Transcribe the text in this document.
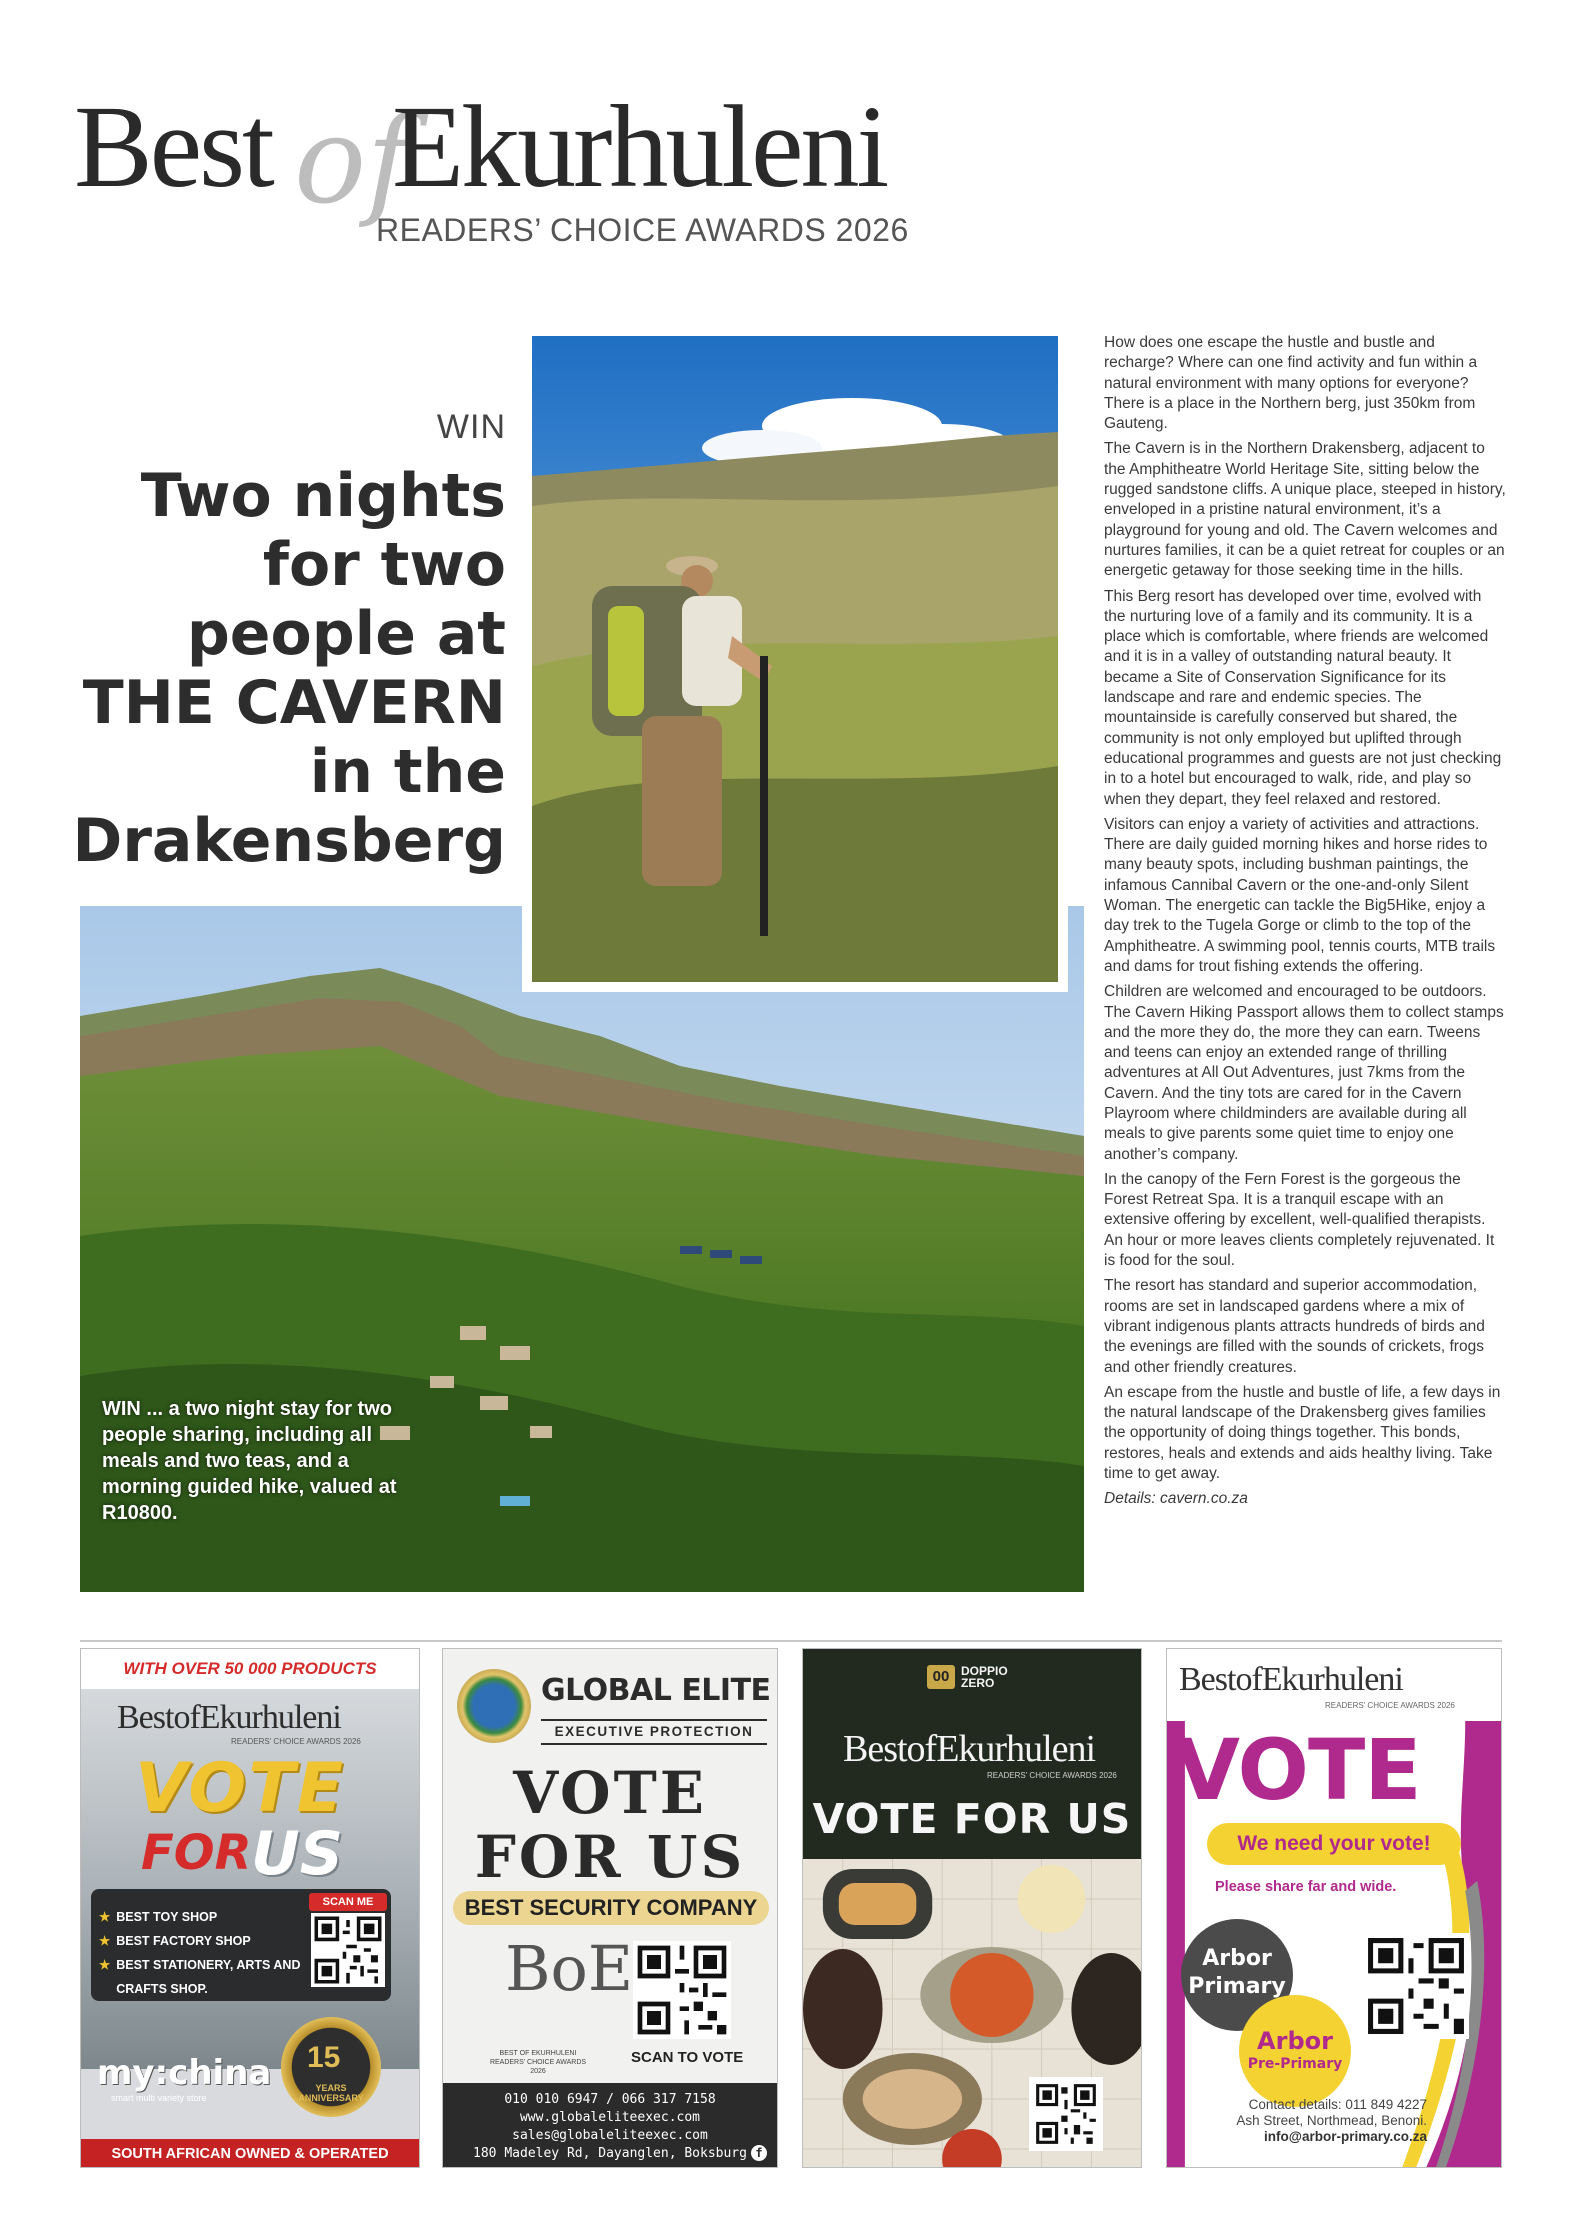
Best of
Ekurhuleni
READERS’ CHOICE AWARDS 2026
WIN
Two nights
for two
people at
THE CAVERN
in the
Drakensberg
WIN ... a two night stay for two people sharing, including all meals and two teas, and a morning guided hike, valued at R10800.

How does one escape the hustle and bustle and recharge? Where can one find activity and fun within a natural environment with many options for everyone? There is a place in the Northern berg, just 350km from Gauteng.

The Cavern is in the Northern Drakensberg, adjacent to the Amphitheatre World Heritage Site, sitting below the rugged sandstone cliffs. A unique place, steeped in history, enveloped in a pristine natural environment, it’s a playground for young and old. The Cavern welcomes and nurtures families, it can be a quiet retreat for couples or an energetic getaway for those seeking time in the hills.

This Berg resort has developed over time, evolved with the nurturing love of a family and its community. It is a place which is comfortable, where friends are welcomed and it is in a valley of outstanding natural beauty. It became a Site of Conservation Significance for its landscape and rare and endemic species. The mountainside is carefully conserved but shared, the community is not only employed but uplifted through educational programmes and guests are not just checking in to a hotel but encouraged to walk, ride, and play so when they depart, they feel relaxed and restored.

Visitors can enjoy a variety of activities and attractions. There are daily guided morning hikes and horse rides to many beauty spots, including bushman paintings, the infamous Cannibal Cavern or the one-and-only Silent Woman. The energetic can tackle the Big5Hike, enjoy a day trek to the Tugela Gorge or climb to the top of the Amphitheatre. A swimming pool, tennis courts, MTB trails and dams for trout fishing extends the offering.

Children are welcomed and encouraged to be outdoors. The Cavern Hiking Passport allows them to collect stamps and the more they do, the more they can earn. Tweens and teens can enjoy an extended range of thrilling adventures at All Out Adventures, just 7kms from the Cavern. And the tiny tots are cared for in the Cavern Playroom where childminders are available during all meals to give parents some quiet time to enjoy one another’s company.

In the canopy of the Fern Forest is the gorgeous the Forest Retreat Spa. It is a tranquil escape with an extensive offering by excellent, well-qualified therapists. An hour or more leaves clients completely rejuvenated. It is food for the soul.

The resort has standard and superior accommodation, rooms are set in landscaped gardens where a mix of vibrant indigenous plants attracts hundreds of birds and the evenings are filled with the sounds of crickets, frogs and other friendly creatures.

An escape from the hustle and bustle of life, a few days in the natural landscape of the Drakensberg gives families the opportunity of doing things together. This bonds, restores, heals and extends and aids healthy living. Take time to get away.

Details: cavern.co.za

WITH OVER 50 000 PRODUCTS
BestofEkurhuleni
READERS' CHOICE AWARDS 2026
VOTE
FOR US
★ BEST TOY SHOP
★ BEST FACTORY SHOP
★ BEST STATIONERY, ARTS AND
CRAFTS SHOP.
SCAN ME
my:china
smart multi variety store
15
YEARS ANNIVERSARY
SOUTH AFRICAN OWNED & OPERATED
GLOBAL ELITE
EXECUTIVE PROTECTION
VOTE
FOR US
BEST SECURITY COMPANY
BoE
BEST OF EKURHULENI READERS' CHOICE AWARDS 2026
SCAN TO VOTE
010 010 6947 / 066 317 7158
www.globaleliteexec.com
sales@globaleliteexec.com
180 Madeley Rd, Dayanglen, Boksburg f
00 DOPPIO
ZERO
BestofEkurhuleni
READERS' CHOICE AWARDS 2026
VOTE FOR US
BestofEkurhuleni
READERS' CHOICE AWARDS 2026
VOTE
We need your vote!
Please share far and wide.
Arbor
Primary
Arbor
Pre-Primary
Contact details: 011 849 4227
Ash Street, Northmead, Benoni.
info@arbor-primary.co.za
